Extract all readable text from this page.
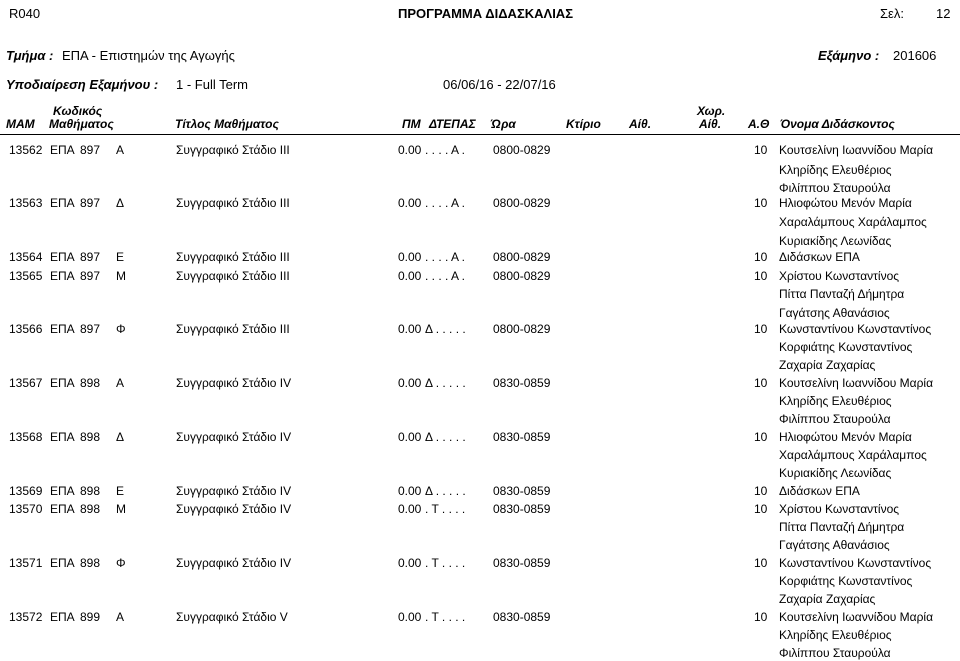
R040	ΠΡΟΓΡΑΜΜΑ ΔΙΔΑΣΚΑΛΙΑΣ	Σελ: 12
Τμήμα : ΕΠΑ - Επιστημών της Αγωγής	Εξάμηνο : 201606
Υποδιαίρεση Εξαμήνου : 1 - Full Term	06/06/16 - 22/07/16
ΜΑΜ
Κωδικός
Μαθήματος	Τίτλος Μαθήματος	ΠΜ ΔΤΕΠΑΣ Ώρα	Κτίριο Αίθ.
Χωρ.
Αίθ. Α.Θ Όνομα Διδάσκοντος
13562 ΕΠΑ 897 Α	Συγγραφικό Στάδιο ΙΙΙ	0.00 . . . . Α . 0800-0829	10 Κουτσελίνη Ιωαννίδου Μαρία
Κληρίδης Ελευθέριος
Φιλίππου Σταυρούλα
13563 ΕΠΑ 897 Δ	Συγγραφικό Στάδιο ΙΙΙ	0.00 . . . . Α . 0800-0829	10 Ηλιοφώτου Μενόν Μαρία
Χαραλάμπους Χαράλαμπος
Κυριακίδης Λεωνίδας
13564 ΕΠΑ 897 Ε	Συγγραφικό Στάδιο ΙΙΙ	0.00 . . . . Α . 0800-0829	10 Διδάσκων ΕΠΑ
13565 ΕΠΑ 897 Μ	Συγγραφικό Στάδιο ΙΙΙ	0.00 . . . . Α . 0800-0829	10 Χρίστου Κωνσταντίνος
Πίττα Πανταζή Δήμητρα
Γαγάτσης Αθανάσιος
13566 ΕΠΑ 897 Φ	Συγγραφικό Στάδιο ΙΙΙ	0.00 Δ . . . . . 0800-0829	10 Κωνσταντίνου Κωνσταντίνος
Κορφιάτης Κωνσταντίνος
Ζαχαρία Ζαχαρίας
13567 ΕΠΑ 898 Α	Συγγραφικό Στάδιο ΙV	0.00 Δ . . . . . 0830-0859	10 Κουτσελίνη Ιωαννίδου Μαρία
Κληρίδης Ελευθέριος
Φιλίππου Σταυρούλα
13568 ΕΠΑ 898 Δ	Συγγραφικό Στάδιο ΙV	0.00 Δ . . . . . 0830-0859	10 Ηλιοφώτου Μενόν Μαρία
Χαραλάμπους Χαράλαμπος
Κυριακίδης Λεωνίδας
13569 ΕΠΑ 898 Ε	Συγγραφικό Στάδιο ΙV	0.00 Δ . . . . . 0830-0859	10 Διδάσκων ΕΠΑ
13570 ΕΠΑ 898 Μ	Συγγραφικό Στάδιο ΙV	0.00 . Τ . . . . 0830-0859	10 Χρίστου Κωνσταντίνος
Πίττα Πανταζή Δήμητρα
Γαγάτσης Αθανάσιος
13571 ΕΠΑ 898 Φ	Συγγραφικό Στάδιο ΙV	0.00 . Τ . . . . 0830-0859	10 Κωνσταντίνου Κωνσταντίνος
Κορφιάτης Κωνσταντίνος
Ζαχαρία Ζαχαρίας
13572 ΕΠΑ 899 Α	Συγγραφικό Στάδιο V	0.00 . Τ . . . . 0830-0859	10 Κουτσελίνη Ιωαννίδου Μαρία
Κληρίδης Ελευθέριος
Φιλίππου Σταυρούλα
